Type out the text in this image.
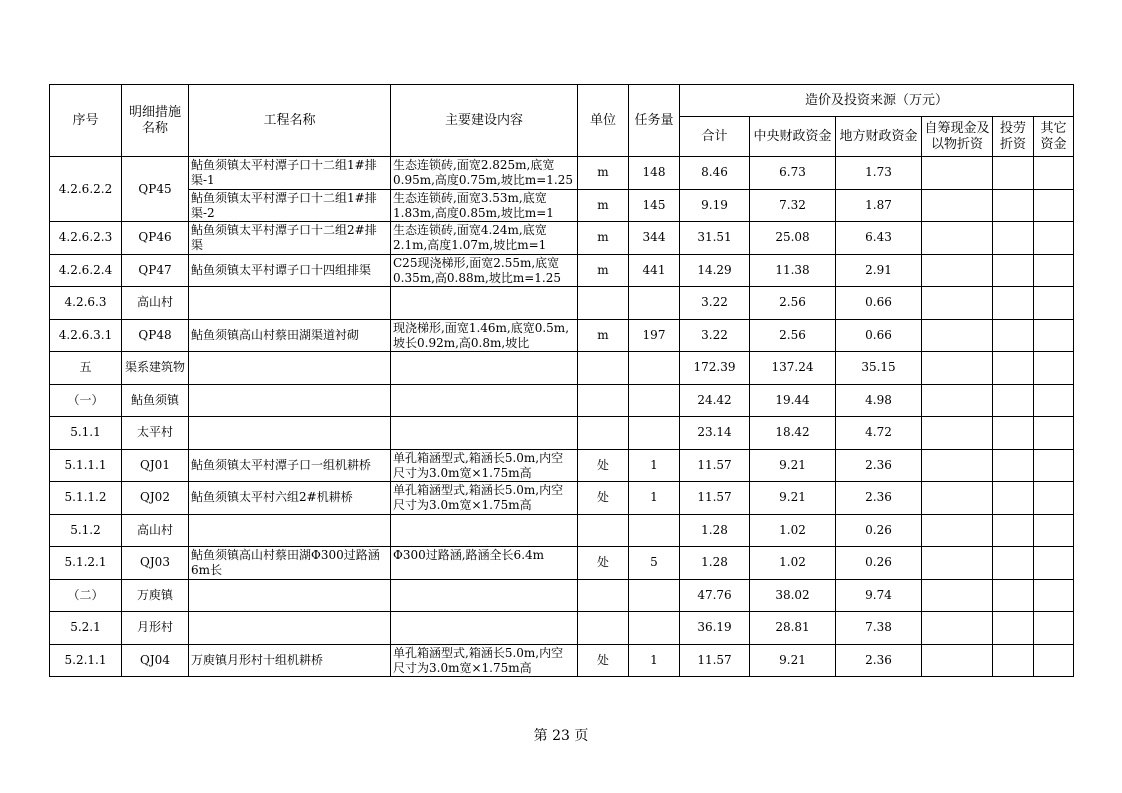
序号	明细措施名称	工程名称	主要建设内容	单位	任务量	造价及投资来源（万元）					
						合计	中央财政资金	地方财政资金	自筹现金及以物折资	投劳折资	其它资金
4.2.6.2.2	QP45	鲇鱼须镇太平村潭子口十二组1#排渠-1	生态连锁砖,面宽2.825m,底宽0.95m,高度0.75m,坡比m=1.25	m	148	8.46	6.73	1.73			
		鲇鱼须镇太平村潭子口十二组1#排渠-2	生态连锁砖,面宽3.53m,底宽1.83m,高度0.85m,坡比m=1	m	145	9.19	7.32	1.87			
4.2.6.2.3	QP46	鲇鱼须镇太平村潭子口十二组2#排渠	生态连锁砖,面宽4.24m,底宽2.1m,高度1.07m,坡比m=1	m	344	31.51	25.08	6.43			
4.2.6.2.4	QP47	鲇鱼须镇太平村谭子口十四组排渠	C25现浇梯形,面宽2.55m,底宽0.35m,高0.88m,坡比m=1.25	m	441	14.29	11.38	2.91			
4.2.6.3	高山村					3.22	2.56	0.66			
4.2.6.3.1	QP48	鲇鱼须镇高山村蔡田湖渠道衬砌	现浇梯形,面宽1.46m,底宽0.5m,坡长0.92m,高0.8m,坡比	m	197	3.22	2.56	0.66			
五	渠系建筑物					172.39	137.24	35.15			
（一）	鲇鱼须镇					24.42	19.44	4.98			
5.1.1	太平村					23.14	18.42	4.72			
5.1.1.1	QJ01	鲇鱼须镇太平村潭子口一组机耕桥	单孔箱涵型式,箱涵长5.0m,内空尺寸为3.0m宽×1.75m高	处	1	11.57	9.21	2.36			
5.1.1.2	QJ02	鲇鱼须镇太平村六组2#机耕桥	单孔箱涵型式,箱涵长5.0m,内空尺寸为3.0m宽×1.75m高	处	1	11.57	9.21	2.36			
5.1.2	高山村					1.28	1.02	0.26			
5.1.2.1	QJ03	鲇鱼须镇高山村蔡田湖Φ300过路涵6m长	Φ300过路涵,路涵全长6.4m	处	5	1.28	1.02	0.26			
（二）	万庾镇					47.76	38.02	9.74			
5.2.1	月形村					36.19	28.81	7.38			
5.2.1.1	QJ04	万庾镇月形村十组机耕桥	单孔箱涵型式,箱涵长5.0m,内空尺寸为3.0m宽×1.75m高	处	1	11.57	9.21	2.36			
第 23 页
